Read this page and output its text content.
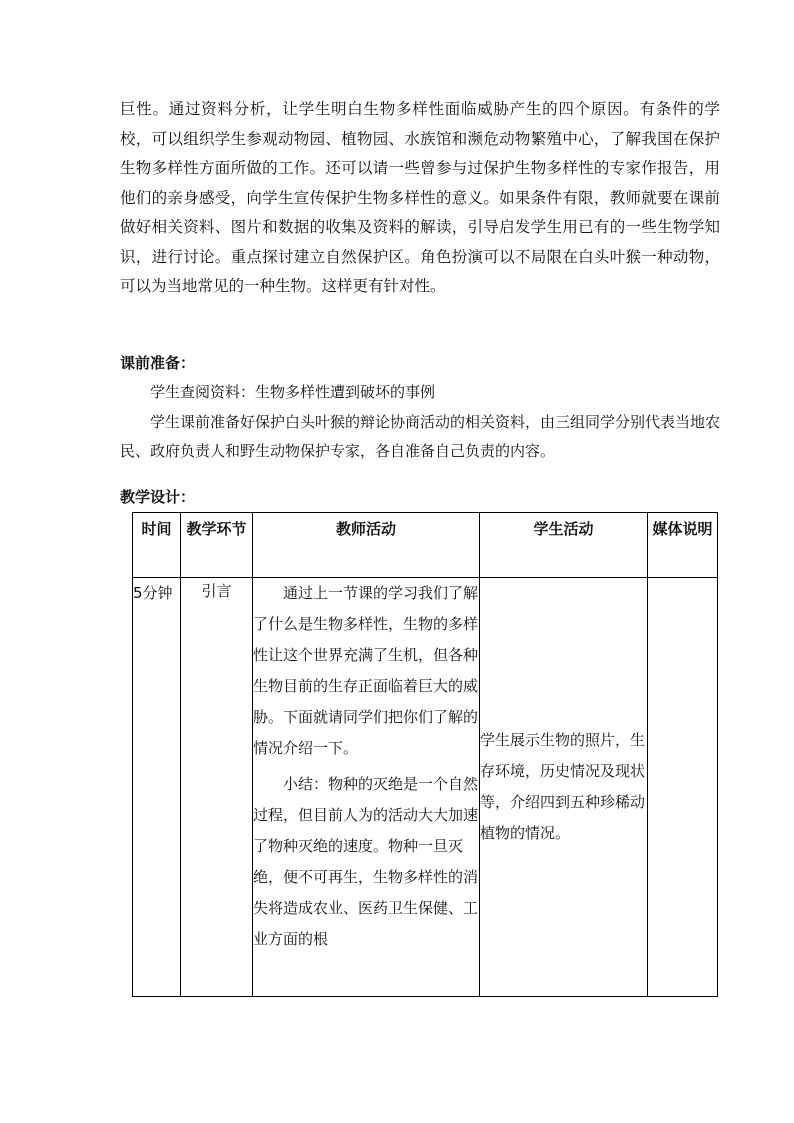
巨性。通过资料分析，让学生明白生物多样性面临威胁产生的四个原因。有条件的学校，可以组织学生参观动物园、植物园、水族馆和濒危动物繁殖中心，了解我国在保护生物多样性方面所做的工作。还可以请一些曾参与过保护生物多样性的专家作报告，用他们的亲身感受，向学生宣传保护生物多样性的意义。如果条件有限，教师就要在课前做好相关资料、图片和数据的收集及资料的解读，引导启发学生用已有的一些生物学知识，进行讨论。重点探讨建立自然保护区。角色扮演可以不局限在白头叶猴一种动物，可以为当地常见的一种生物。这样更有针对性。

课前准备：

学生查阅资料：生物多样性遭到破坏的事例

学生课前准备好保护白头叶猴的辩论协商活动的相关资料，由三组同学分别代表当地农民、政府负责人和野生动物保护专家，各自准备自己负责的内容。

教学设计：
时间	教学环节	教师活动	学生活动	媒体说明
5分钟	引言	通过上一节课的学习我们了解了什么是生物多样性，生物的多样性让这个世界充满了生机，但各种生物目前的生存正面临着巨大的威胁。下面就请同学们把你们了解的情况介绍一下。

小结：物种的灭绝是一个自然过程，但目前人为的活动大大加速了物种灭绝的速度。物种一旦灭绝，便不可再生，生物多样性的消失将造成农业、医药卫生保健、工业方面的根	学生展示生物的照片，生存环境，历史情况及现状等，介绍四到五种珍稀动植物的情况。	
